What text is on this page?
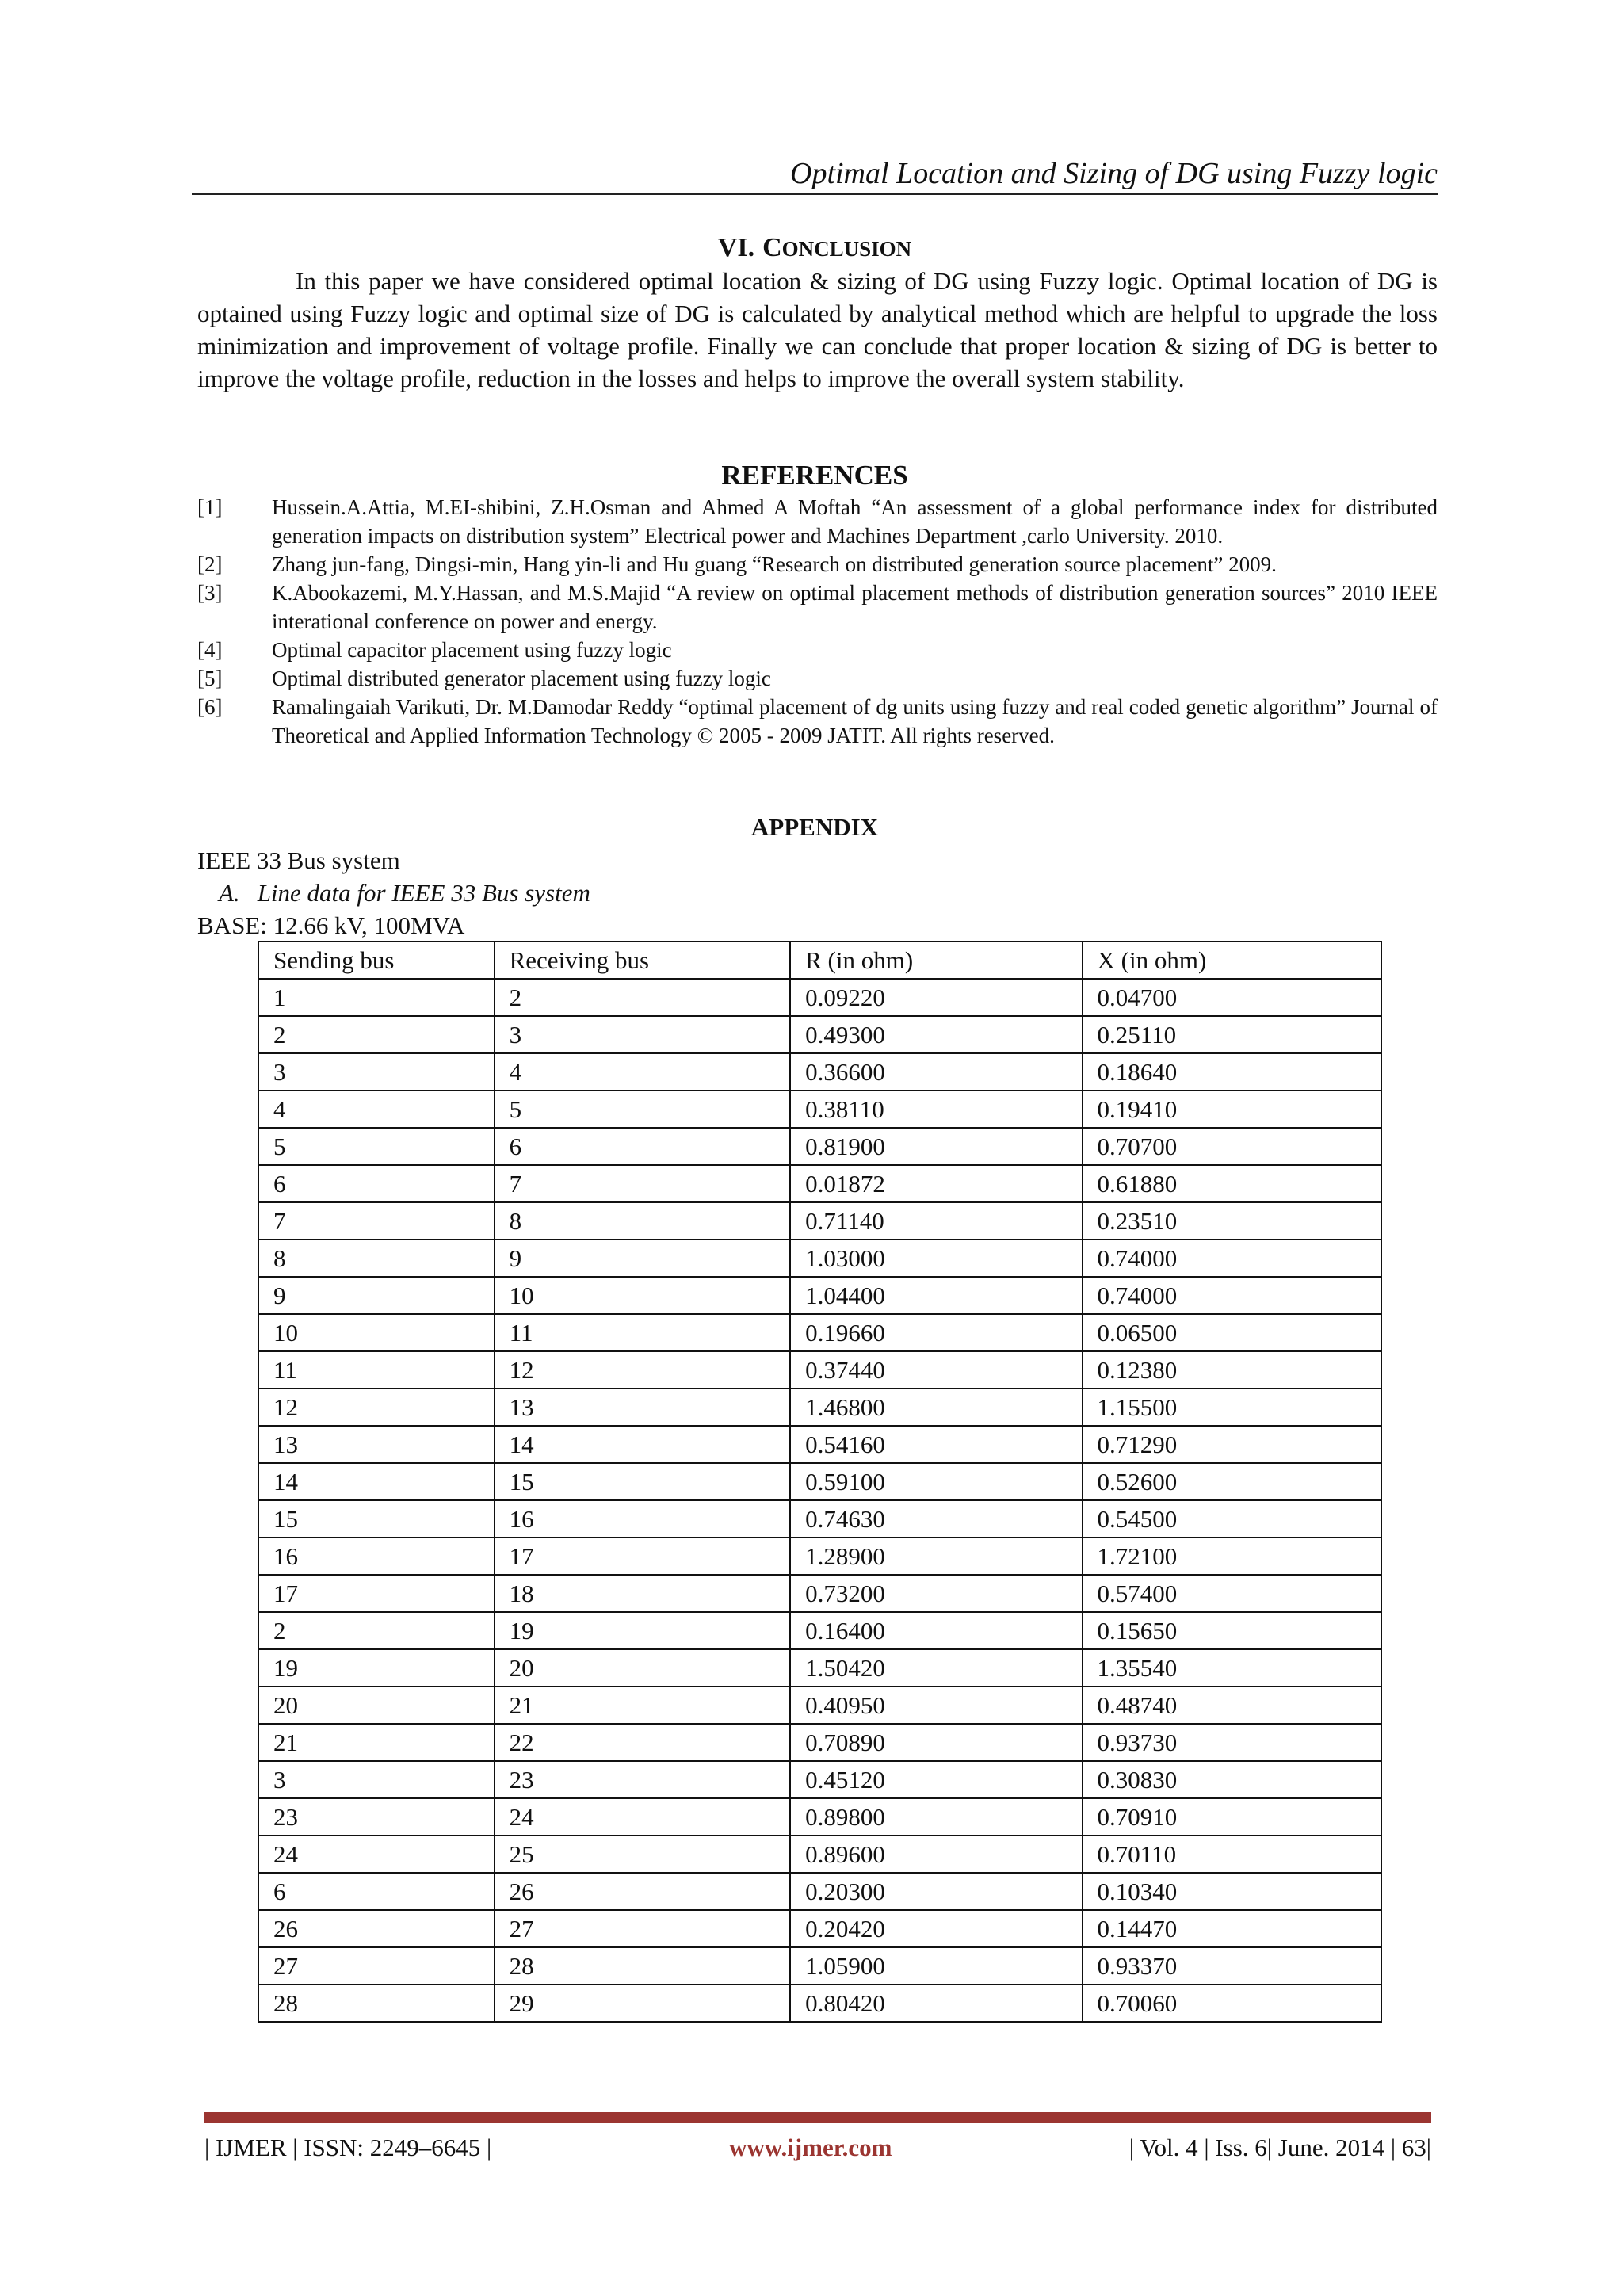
Optimal Location and Sizing of DG using Fuzzy logic
VI. CONCLUSION

In this paper we have considered optimal location & sizing of DG using Fuzzy logic. Optimal location of DG is optained using Fuzzy logic and optimal size of DG is calculated by analytical method which are helpful to upgrade the loss minimization and improvement of voltage profile. Finally we can conclude that proper location & sizing of DG is better to improve the voltage profile, reduction in the losses and helps to improve the overall system stability.

REFERENCES
[1] Hussein.A.Attia, M.EI-shibini, Z.H.Osman and Ahmed A Moftah “An assessment of a global performance index for distributed generation impacts on distribution system” Electrical power and Machines Department ,carlo University. 2010.
[2] Zhang jun-fang, Dingsi-min, Hang yin-li and Hu guang “Research on distributed generation source placement” 2009.
[3] K.Abookazemi, M.Y.Hassan, and M.S.Majid “A review on optimal placement methods of distribution generation sources” 2010 IEEE interational conference on power and energy.
[4] Optimal capacitor placement using fuzzy logic
[5] Optimal distributed generator placement using fuzzy logic
[6] Ramalingaiah Varikuti, Dr. M.Damodar Reddy “optimal placement of dg units using fuzzy and real coded genetic algorithm” Journal of Theoretical and Applied Information Technology © 2005 - 2009 JATIT. All rights reserved.
APPENDIX
IEEE 33 Bus system
A. Line data for IEEE 33 Bus system
BASE: 12.66 kV, 100MVA
Sending bus	Receiving bus	R (in ohm)	X (in ohm)
1	2	0.09220	0.04700
2	3	0.49300	0.25110
3	4	0.36600	0.18640
4	5	0.38110	0.19410
5	6	0.81900	0.70700
6	7	0.01872	0.61880
7	8	0.71140	0.23510
8	9	1.03000	0.74000
9	10	1.04400	0.74000
10	11	0.19660	0.06500
11	12	0.37440	0.12380
12	13	1.46800	1.15500
13	14	0.54160	0.71290
14	15	0.59100	0.52600
15	16	0.74630	0.54500
16	17	1.28900	1.72100
17	18	0.73200	0.57400
2	19	0.16400	0.15650
19	20	1.50420	1.35540
20	21	0.40950	0.48740
21	22	0.70890	0.93730
3	23	0.45120	0.30830
23	24	0.89800	0.70910
24	25	0.89600	0.70110
6	26	0.20300	0.10340
26	27	0.20420	0.14470
27	28	1.05900	0.93370
28	29	0.80420	0.70060
| IJMER | ISSN: 2249–6645 |	www.ijmer.com	| Vol. 4 | Iss. 6| June. 2014 | 63|
